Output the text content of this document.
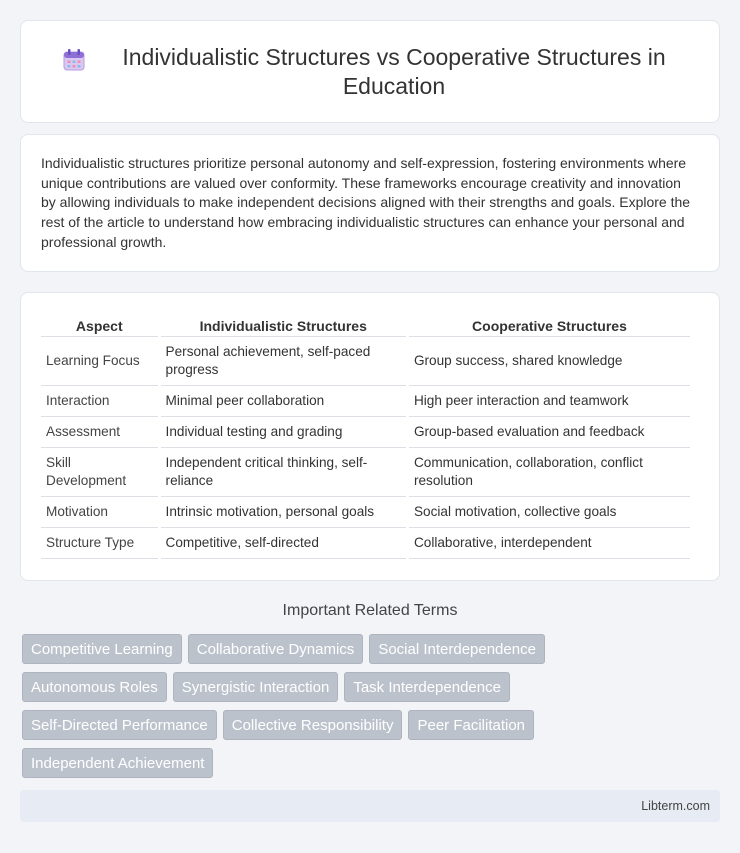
Individualistic Structures vs Cooperative Structures in Education

Individualistic structures prioritize personal autonomy and self-expression, fostering environments where unique contributions are valued over conformity. These frameworks encourage creativity and innovation by allowing individuals to make independent decisions aligned with their strengths and goals. Explore the rest of the article to understand how embracing individualistic structures can enhance your personal and professional growth.

Aspect	Individualistic Structures	Cooperative Structures
Learning Focus	Personal achievement, self-paced progress	Group success, shared knowledge
Interaction	Minimal peer collaboration	High peer interaction and teamwork
Assessment	Individual testing and grading	Group-based evaluation and feedback
Skill Development	Independent critical thinking, self-reliance	Communication, collaboration, conflict resolution
Motivation	Intrinsic motivation, personal goals	Social motivation, collective goals
Structure Type	Competitive, self-directed	Collaborative, interdependent
Important Related Terms
Competitive Learning	Collaborative Dynamics	Social Interdependence
Autonomous Roles	Synergistic Interaction	Task Interdependence
Self-Directed Performance	Collective Responsibility	Peer Facilitation
Independent Achievement
Libterm.com
